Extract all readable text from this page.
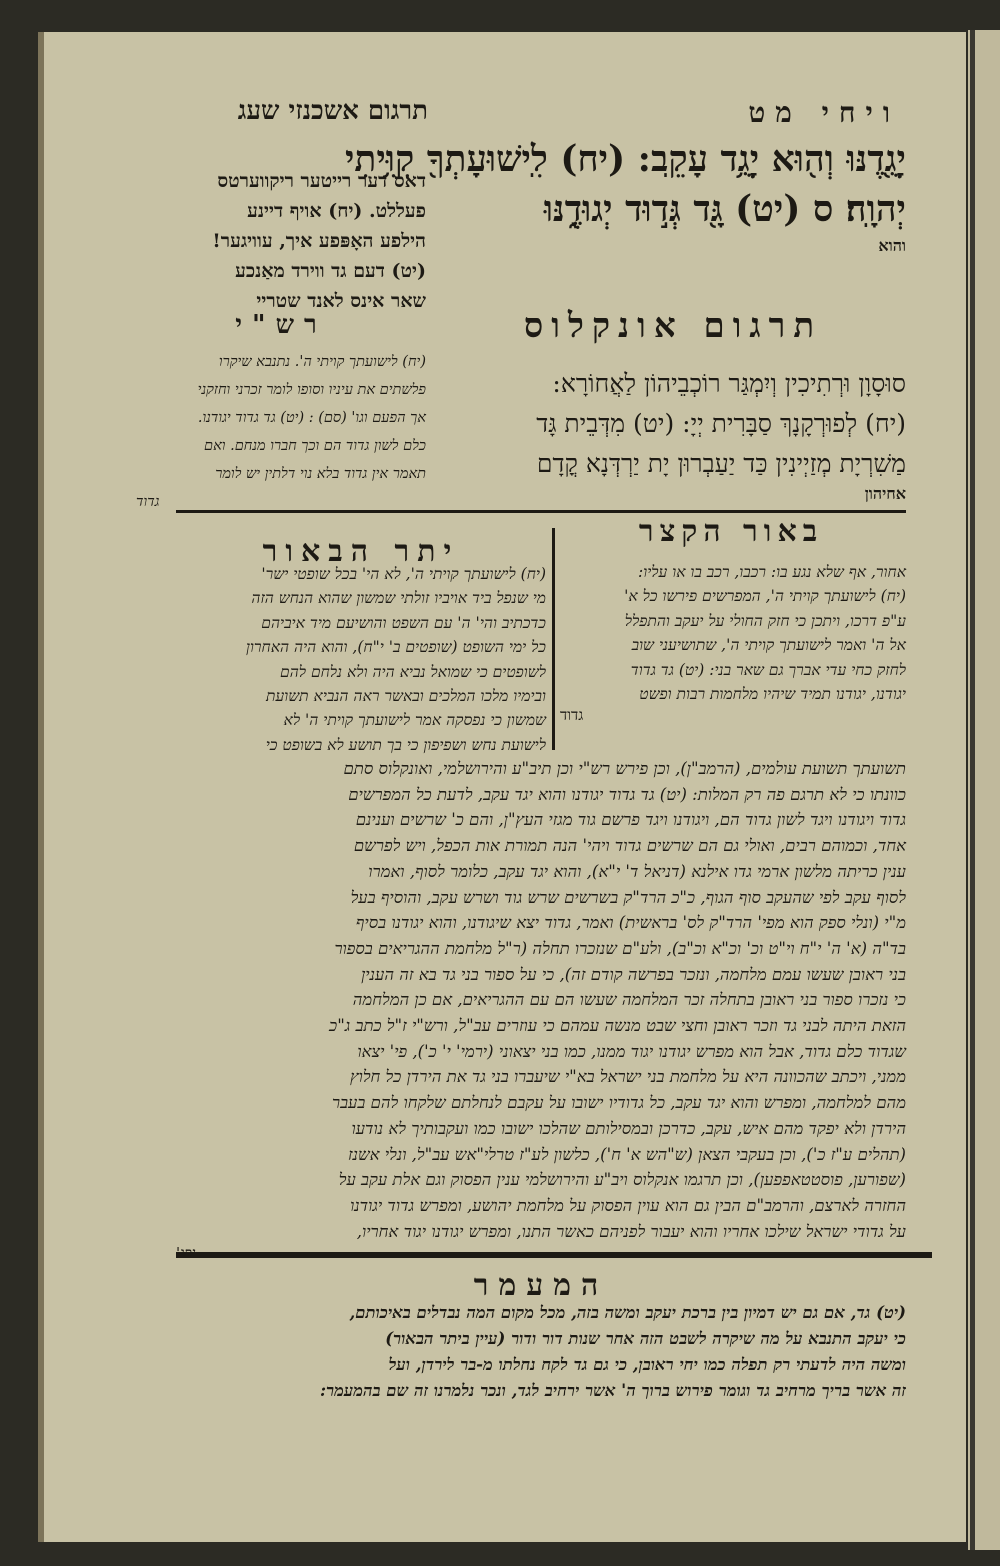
תרגום אשכנזי שעג	ויחי מט
יָגֻ֖דֶנּוּ וְה֖וּא יָגֻ֥ד עָקֵֽב: (יח) לִֽישׁוּעָתְךָ֖ קִוִּ֥יתִי
יְהוָֽה׃ ס (יט) גָּ֖ד גְּד֣וּד יְגוּדֶ֑נּוּ
והוא
דאס דער רייטער ריקווערטס
פעללט. (יח) אויף דיינע
הילפע האָפּפע איך, עוויגער!
(יט) דעם גד ווירד מאַנכע
שאר אינס לאנד שטריי
תרגום אונקלוס
סוּסָוָן וּרְתִיכִין וְיִמְגַּר רוֹכְבֵיהוֹן לַאֲחוֹרָא:
(יח) לְפוּרְקָנָךְ סַבָּרִית יְיָ: (יט) מִדְּבֵית גָּד
מַשִׁרְיָת מְזַיְינִין כַּד יַעַבְרוּן יָת יַרְדְּנָא קֳדָם
אחיהון
רש"י
(יח) לישועתך קויתי ה'. נתנבא שיקרו
פלשתים את עיניו וסופו לומר זכרני וחזקני
אך הפעם וגו' (סם) : (יט) גד גדוד יגודנו.
כלם לשון גדוד הם וכך חברו מנחם. ואם
תאמר אין גדוד בלא נוי דלתין יש לומר
גדוד
באור הקצר
אחור, אף שלא נגע בו: רכבו, רכב בו או עליו:
(יח) לישועתך קויתי ה', המפרשים פירשו כל א'
ע"פ דרכו, ויתכן כי חזק החולי על יעקב והתפלל
אל ה' ואמר לישועתך קויתי ה', שתושיעני שוב
לחזק כחי עדי אברך גם שאר בני: (יט) גד גדוד
יגודנו, יגודנו תמיד שיהיו מלחמות רבות ופשט
גדוד
יתר הבאור
(יח) לישועתך קויתי ה', לא הי' בכל שופטי ישר'
מי שנפל ביד אויביו זולתי שמשון שהוא הנחש הזה
כדכתיב והי' ה' עם השפט והושיעם מיד איביהם
כל ימי השופט (שופטים ב' י"ח), והוא היה האחרון
לשופטים כי שמואל נביא היה ולא נלחם להם
ובימיו מלכו המלכים ובאשר ראה הנביא תשועת
שמשון כי נפסקה אמר לישועתך קויתי ה' לא
לישועת נחש ושפיפון כי בך תושע לא בשופט כי
תשועתך תשועת עולמים, (הרמב"ן), וכן פירש רש"י וכן תיב"ע והירושלמי, ואונקלוס סתם
כוונתו כי לא תרגם פה רק המלות: (יט) גד גדוד יגודנו והוא יגד עקב, לדעת כל המפרשים
גדוד ויגודנו ויגד לשון גדוד הם, ויגודנו ויגד פרשם גוד מגזי העץ"ן, והם כ' שרשים וענינם
אחד, וכמוהם רבים, ואולי גם הם שרשים גדוד ויהי' הנה תמורת אות הכפל, ויש לפרשם
ענין כריתה מלשון ארמי גדו אילנא (דניאל ד' י"א), והוא יגד עקב, כלומר לסוף, ואמרו
לסוף עקב לפי שהעקב סוף הגוף, כ"כ הרד"ק בשרשים שרש גוד ושרש עקב, והוסיף בעל
מ"י (ונלי ספק הוא מפי' הרד"ק לס' בראשית) ואמר, גדוד יצא שיגודנו, והוא יגודנו בסיף
בד"ה (א' ה' י"ח וי"ט וכ' וכ"א וכ"ב), ולע"ם שנזכרו תחלה (ר"ל מלחמת ההגריאים בספור
בני ראובן שעשו עמם מלחמה, ונזכר בפרשה קודם זה), כי על ספור בני גד בא זה הענין
כי נזכרו ספור בני ראובן בתחלה זכר המלחמה שעשו הם עם ההגריאים, אם כן המלחמה
הזאת היתה לבני גד וזכר ראובן וחצי שבט מנשה עמהם כי עוזרים עב"ל, ורש"י ז"ל כתב ג"כ
שגדוד כלם גדוד, אבל הוא מפרש יגודנו יגוד ממנו, כמו בני יצאוני (ירמי' י' כ'), פי' יצאו
ממני, ויכתב שהכוונה היא על מלחמת בני ישראל בא"י שיעברו בני גד את הירדן כל חלוץ
מהם למלחמה, ומפרש והוא יגד עקב, כל גדודיו ישובו על עקבם לנחלתם שלקחו להם בעבר
הירדן ולא יפקד מהם איש, עקב, כדרכן ובמסילותם שהלכו ישובו כמו ועקבותיך לא נודעו
(תהלים ע"ז כ'), וכן בעקבי הצאן (ש"הש א' ח'), כלשון לע"ז טרלי"אש עב"ל, ונלי אשנז
(שפורען, פוסטטאפפען), וכן תרגמו אנקלוס ויב"ע והירושלמי ענין הפסוק וגם אלת עקב על
החזרה לארצם, והרמב"ם הבין גם הוא עוין הפסוק על מלחמת יהושע, ומפרש גדוד יגודנו
על גדודי ישראל שילכו אחריו והוא יעבור לפניהם כאשר התנו, ומפרש יגודנו יגוד אחריו,
המעמר
(יט) גד, אם גם יש דמיון בין ברכת יעקב ומשה בזה, מכל מקום המה נבדלים באיכותם,
כי יעקב התנבא על מה שיקרה לשבט הזה אחר שנות דור ודור (עיין ביתר הבאור)
ומשה היה לדעתי רק תפלה כמו יחי ראובן, כי גם גד לקח נחלתו מ-בר לירדן, ועל
זה אשר בריך מרחיב גד וגומר פירוש ברוך ה' אשר ירחיב לגד, ונכר נלמרנו זה שם בהמעמר:
